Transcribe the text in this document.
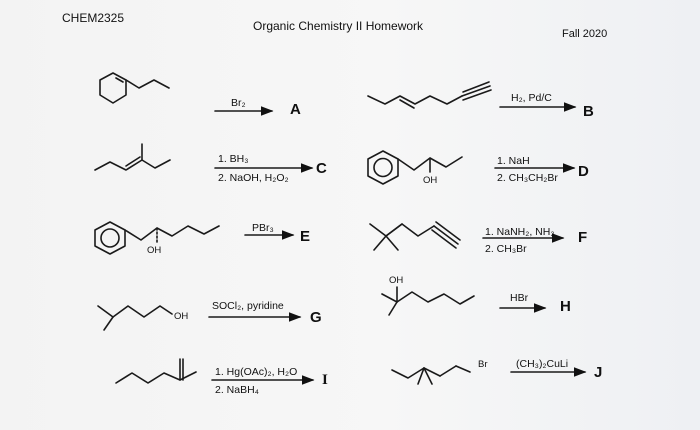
CHEM2325
Organic Chemistry II Homework
Fall 2020
Br₂	A
H₂, Pd/C
B
1. BH₃
2. NaOH, H₂O₂
C
OH
1. NaH
2. CH₃CH₂Br D
OH
PBr₃ E	1. NaNH₂, NH₃
2. CH₃Br
F
OH
SOCl₂, pyridine
G
OH
HBr H
1. Hg(OAc)₂, H₂O
2. NaBH₄
I
Br	(CH₃)₂CuLi J
